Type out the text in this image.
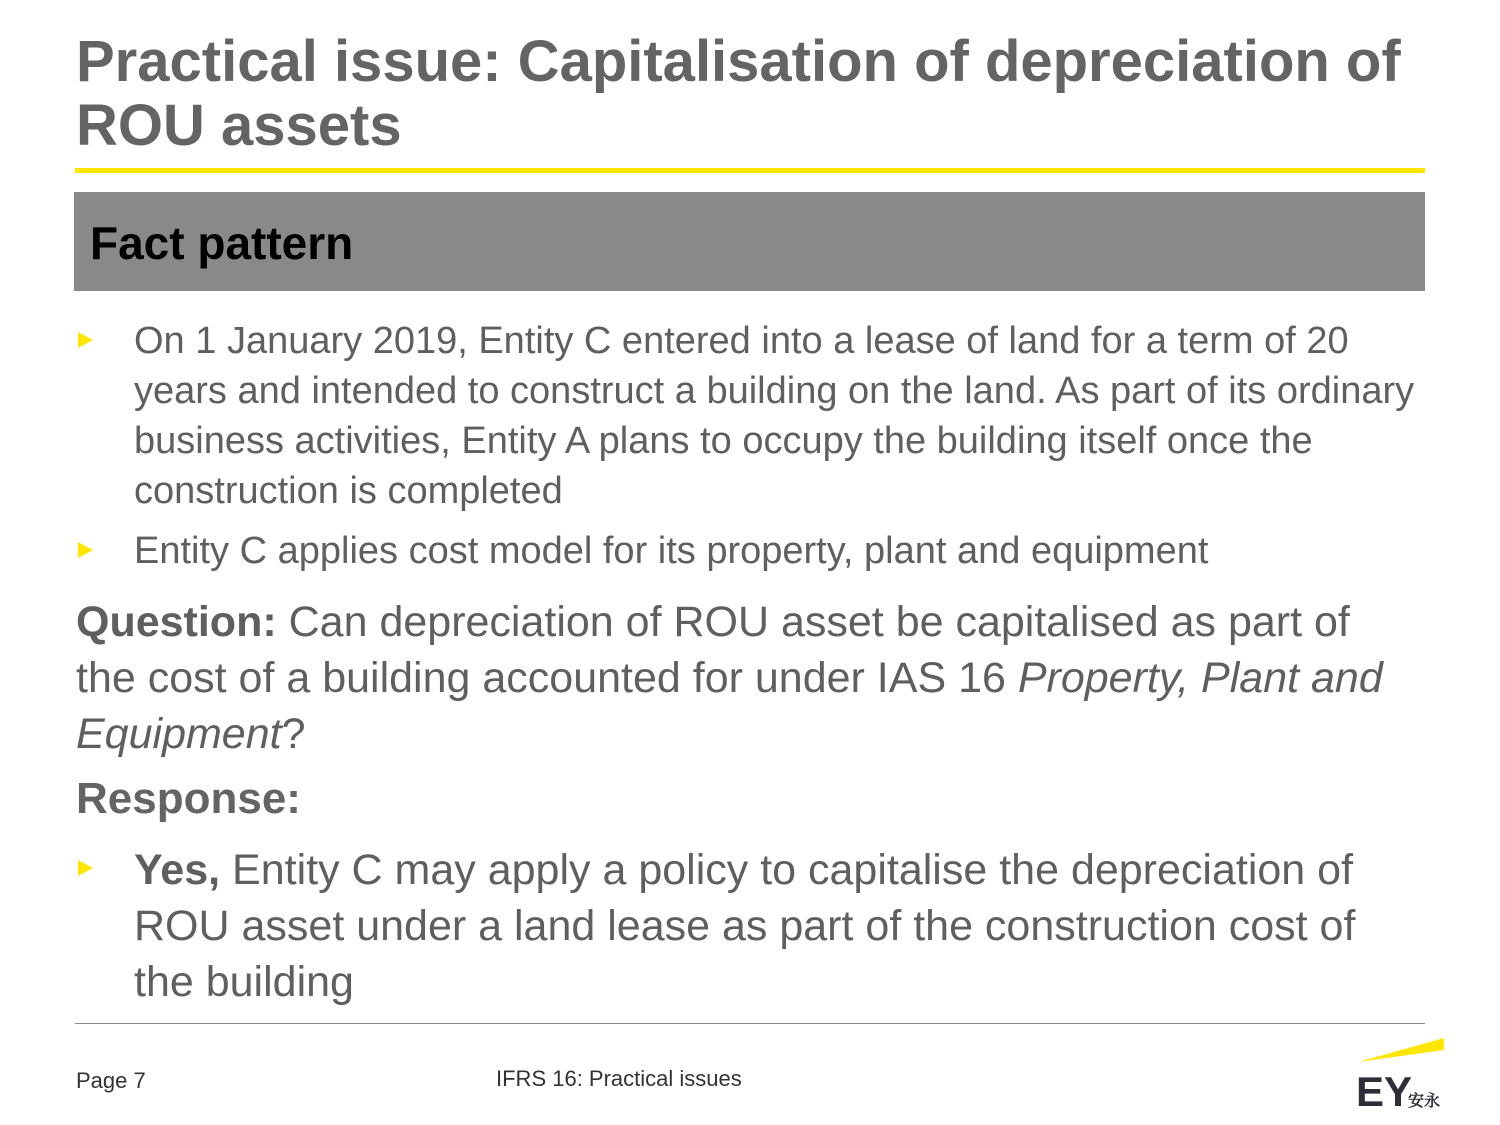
Practical issue: Capitalisation of depreciation of ROU assets
Fact pattern
On 1 January 2019, Entity C entered into a lease of land for a term of 20 years and intended to construct a building on the land. As part of its ordinary business activities, Entity A plans to occupy the building itself once the construction is completed
Entity C applies cost model for its property, plant and equipment
Question: Can depreciation of ROU asset be capitalised as part of the cost of a building accounted for under IAS 16 Property, Plant and Equipment?
Response:
Yes, Entity C may apply a policy to capitalise the depreciation of ROU asset under a land lease as part of the construction cost of the building
Page 7	IFRS 16: Practical issues	EY
安永
